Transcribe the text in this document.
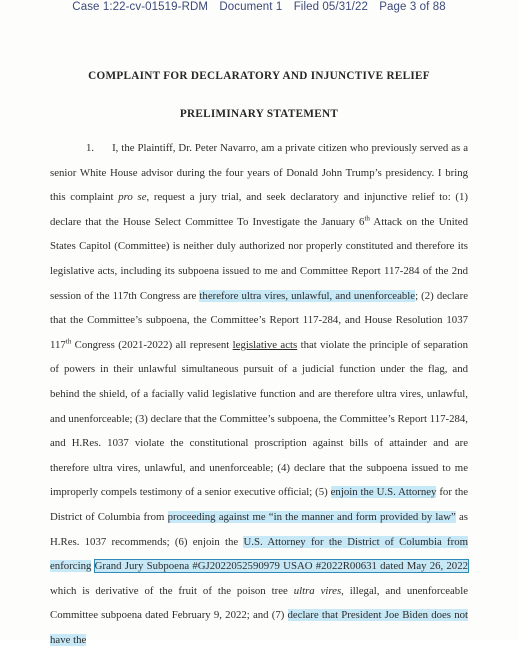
Case 1:22-cv-01519-RDM Document 1 Filed 05/31/22 Page 3 of 88
COMPLAINT FOR DECLARATORY AND INJUNCTIVE RELIEF
PRELIMINARY STATEMENT

1. I, the Plaintiff, Dr. Peter Navarro, am a private citizen who previously served as a senior White House advisor during the four years of Donald John Trump’s presidency. I bring this complaint pro se, request a jury trial, and seek declaratory and injunctive relief to: (1) declare that the House Select Committee To Investigate the January 6th Attack on the United States Capitol (Committee) is neither duly authorized nor properly constituted and therefore its legislative acts, including its subpoena issued to me and Committee Report 117-284 of the 2nd session of the 117th Congress are therefore ultra vires, unlawful, and unenforceable; (2) declare that the Committee’s subpoena, the Committee’s Report 117-284, and House Resolution 1037 117th Congress (2021-2022) all represent legislative acts that violate the principle of separation of powers in their unlawful simultaneous pursuit of a judicial function under the flag, and behind the shield, of a facially valid legislative function and are therefore ultra vires, unlawful, and unenforceable; (3) declare that the Committee’s subpoena, the Committee’s Report 117-284, and H.Res. 1037 violate the constitutional proscription against bills of attainder and are therefore ultra vires, unlawful, and unenforceable; (4) declare that the subpoena issued to me improperly compels testimony of a senior executive official; (5) enjoin the U.S. Attorney for the District of Columbia from proceeding against me “in the manner and form provided by law” as H.Res. 1037 recommends; (6) enjoin the U.S. Attorney for the District of Columbia from enforcing Grand Jury Subpoena #GJ2022052590979 USAO #2022R00631 dated May 26, 2022 which is derivative of the fruit of the poison tree ultra vires, illegal, and unenforceable Committee subpoena dated February 9, 2022; and (7) declare that President Joe Biden does not have the
